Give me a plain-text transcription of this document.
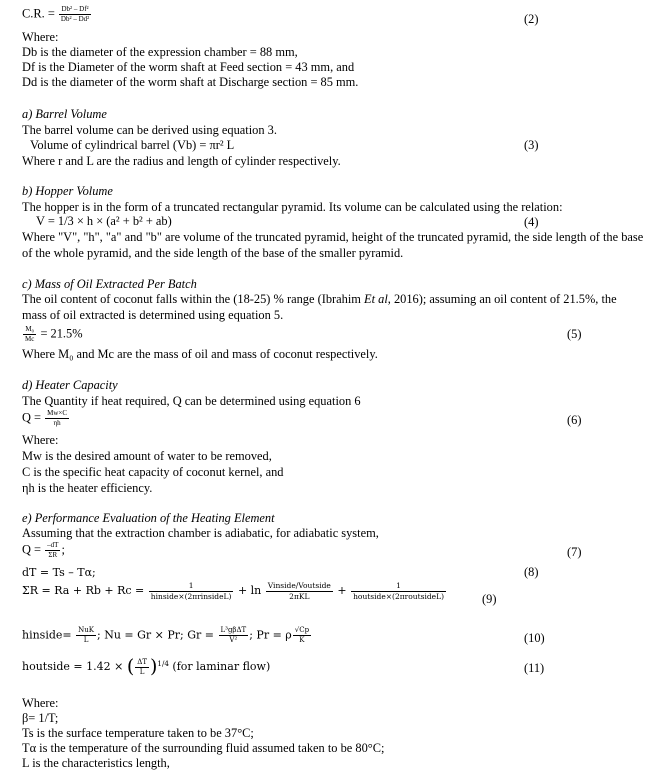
C.R. = $\frac{\text{Db² – Df²}}{\text{Db² – Dd²}}$	(2)
Where:
Db is the diameter of the expression chamber = 88 mm,
Df is the Diameter of the worm shaft at Feed section = 43 mm, and
Dd is the diameter of the worm shaft at Discharge section = 85 mm.
a) Barrel Volume
The barrel volume can be derived using equation 3.
Volume of cylindrical barrel (Vb) = πr² L	(3)
Where r and L are the radius and length of cylinder respectively.
b) Hopper Volume
The hopper is in the form of a truncated rectangular pyramid. Its volume can be calculated using the relation:
V = 1/3 × h × (a² + b² + ab)	(4)
Where "V", "h", "a" and "b" are volume of the truncated pyramid, height of the truncated pyramid, the side length of the base of the whole pyramid, and the side length of the base of the smaller pyramid.
c) Mass of Oil Extracted Per Batch
The oil content of coconut falls within the (18-25) % range (Ibrahim Et al, 2016); assuming an oil content of 21.5%, the mass of oil extracted is determined using equation 5.
$\frac{\text{M₀}}{Mc} = 21.5\%$	(5)
Where M₀ and Mc are the mass of oil and mass of coconut respectively.
d) Heater Capacity
The Quantity if heat required, Q can be determined using equation 6
$Q = \frac{Mw\times C}{\eta h}$	(6)
Where:
Mw is the desired amount of water to be removed,
C is the specific heat capacity of coconut kernel, and
ηh is the heater efficiency.
e) Performance Evaluation of the Heating Element
Assuming that the extraction chamber is adiabatic, for adiabatic system,
$Q = \frac{-dT}{\Sigma R}$ ;	(7)
dT = Ts – Tα;	(8)
$\Sigma R = Ra + Rb + Rc = \frac{1}{\text{hinside×(2πrinsideL)}} + \ln \frac{\text{Vinside/Voutside}}{\text{2πKL}} + \frac{1}{\text{houtside×(2πroutsideL)}}$	(9)
hinside= $\frac{\text{NuK}}{L}$ ; Nu = Gr × Pr; $Gr = \frac{\text{L³gβΔT}}{\text{V²}}$ ; Pr = ρ $\frac{√Cp}{K}$	(10)
houtside = 1.42 × ( $\frac{\Delta T}{L} )^{1/4}$ (for laminar flow)	(11)
Where:
β= 1/T;
Ts is the surface temperature taken to be 37°C;
Tα is the temperature of the surrounding fluid assumed taken to be 80°C;
L is the characteristics length,
